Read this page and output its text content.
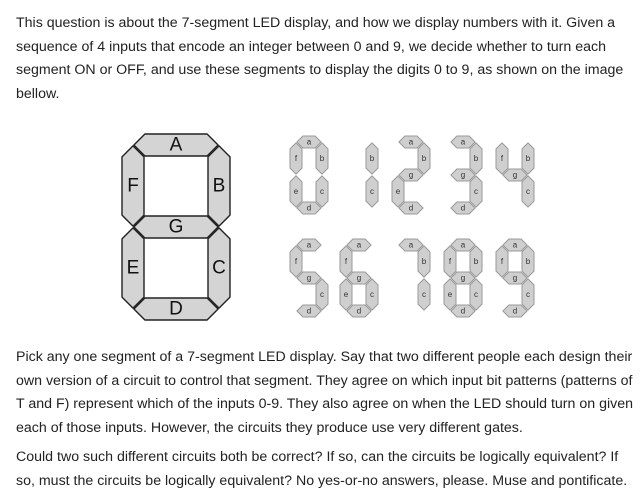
This question is about the 7-segment LED display, and how we display numbers with it. Given a
sequence of 4 inputs that encode an integer between 0 and 9, we decide whether to turn each
segment ON or OFF, and use these segments to display the digits 0 to 9, as shown on the image
bellow.

A
B
C
D
E
F
G
a
b
c
d
e
f	b
c
a
b
g
e
d
a
b
g
c
d
f
g
b
c
a
f
g
c
d
a
f
g
e	c
d
a
b
c
a
b
c
d
e
f
g
a
b
c
d
f
g

Pick any one segment of a 7-segment LED display. Say that two different people each design their
own version of a circuit to control that segment. They agree on which input bit patterns (patterns of
T and F) represent which of the inputs 0-9. They also agree on when the LED should turn on given
each of those inputs. However, the circuits they produce use very different gates.

Could two such different circuits both be correct? If so, can the circuits be logically equivalent? If
so, must the circuits be logically equivalent? No yes-or-no answers, please. Muse and pontificate.
